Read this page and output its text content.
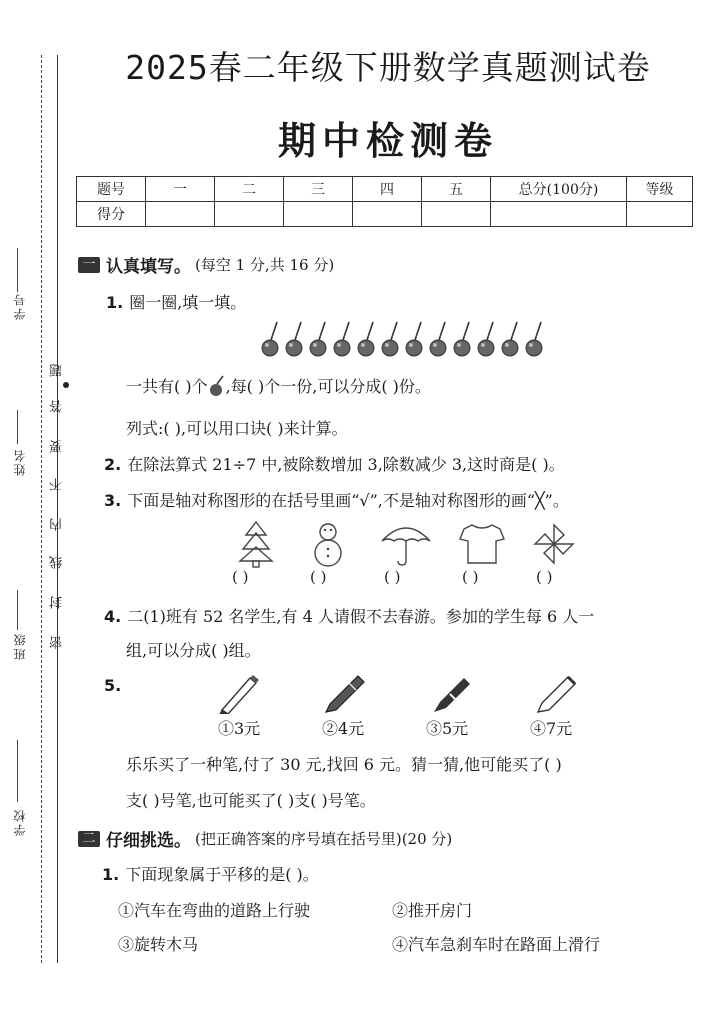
学号
姓名
班级
学校
题
答
要
不
内
线
封
密
2025春二年级下册数学真题测试卷
期中检测卷
题号	一	二	三	四	五	总分(100分)	等级
得分							
一 认真填写。 (每空 1 分,共 16 分)
1. 圈一圈,填一填。
一共有( )个 ,每( )个一份,可以分成( )份。
列式:( ),可以用口诀( )来计算。
2. 在除法算式 21÷7 中,被除数增加 3,除数减少 3,这时商是( )。
3. 下面是轴对称图形的在括号里画“√”,不是轴对称图形的画“╳”。
( )	( )	( )	( )	( )
4. 二(1)班有 52 名学生,有 4 人请假不去春游。参加的学生每 6 人一
组,可以分成( )组。
5.
①3元	②4元	③5元	④7元
乐乐买了一种笔,付了 30 元,找回 6 元。猜一猜,他可能买了( )
支( )号笔,也可能买了( )支( )号笔。
二 仔细挑选。 (把正确答案的序号填在括号里)(20 分)
1. 下面现象属于平移的是( )。
①汽车在弯曲的道路上行驶	②推开房门
③旋转木马	④汽车急刹车时在路面上滑行
